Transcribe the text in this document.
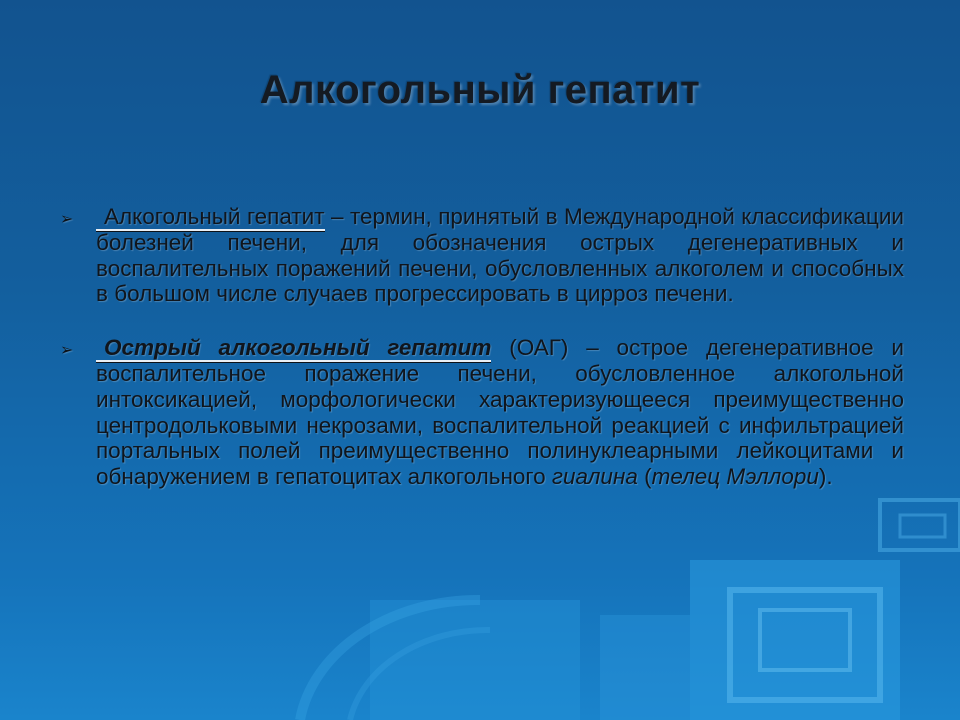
Алкогольный гепатит
➢ Алкогольный гепатит – термин, принятый в Международной классификации болезней печени, для обозначения острых дегенеративных и воспалительных поражений печени, обусловленных алкоголем и способных в большом числе случаев прогрессировать в цирроз печени.
➢ Острый алкогольный гепатит (ОАГ) – острое дегенеративное и воспалительное поражение печени, обусловленное алкогольной интоксикацией, морфологически характеризующееся преимущественно центродольковыми некрозами, воспалительной реакцией с инфильтрацией портальных полей преимущественно полинуклеарными лейкоцитами и обнаружением в гепатоцитах алкогольного гиалина (телец Мэллори).
